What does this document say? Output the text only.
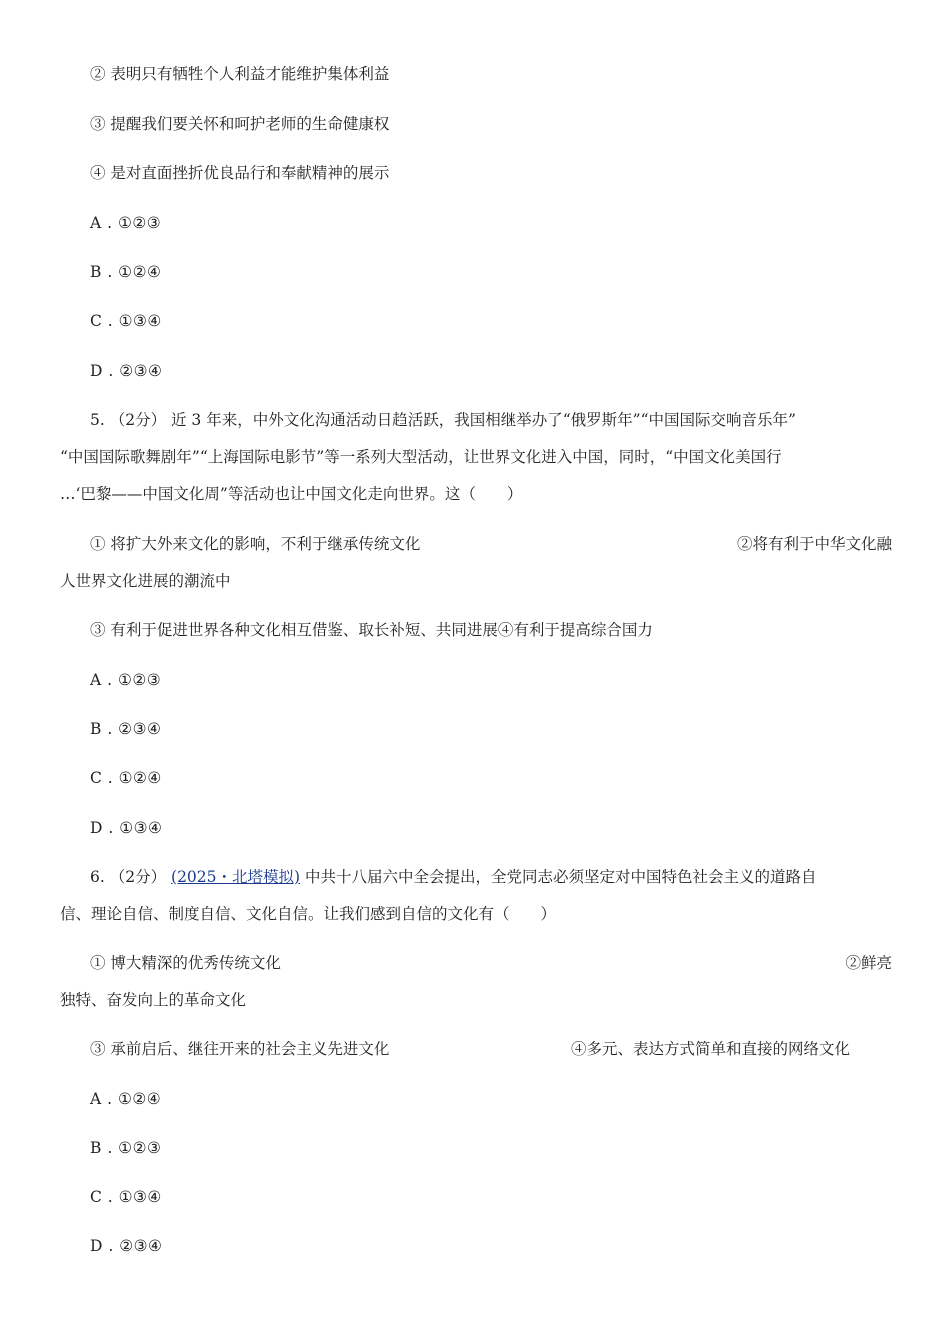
② 表明只有牺牲个人利益才能维护集体利益
③ 提醒我们要关怀和呵护老师的生命健康权
④ 是对直面挫折优良品行和奉献精神的展示
A . ①②③
B . ①②④
C . ①③④
D . ②③④
5. （2分） 近 3 年来，中外文化沟通活动日趋活跃，我国相继举办了“俄罗斯年”“中国国际交响音乐年”
“中国国际歌舞剧年”“上海国际电影节”等一系列大型活动，让世界文化进入中国，同时，“中国文化美国行
…‘巴黎——中国文化周”等活动也让中国文化走向世界。这（　　）
① 将扩大外来文化的影响，不利于继承传统文化	②将有利于中华文化融
人世界文化进展的潮流中
③ 有利于促进世界各种文化相互借鉴、取长补短、共同进展④有利于提高综合国力
A . ①②③
B . ②③④
C . ①②④
D . ①③④
6. （2分） (2025・北塔模拟) 中共十八届六中全会提出，全党同志必须坚定对中国特色社会主义的道路自
信、理论自信、制度自信、文化自信。让我们感到自信的文化有（　　）
① 博大精深的优秀传统文化	②鲜亮
独特、奋发向上的革命文化
③ 承前启后、继往开来的社会主义先进文化	④多元、表达方式简单和直接的网络文化
A . ①②④
B . ①②③
C . ①③④
D . ②③④
